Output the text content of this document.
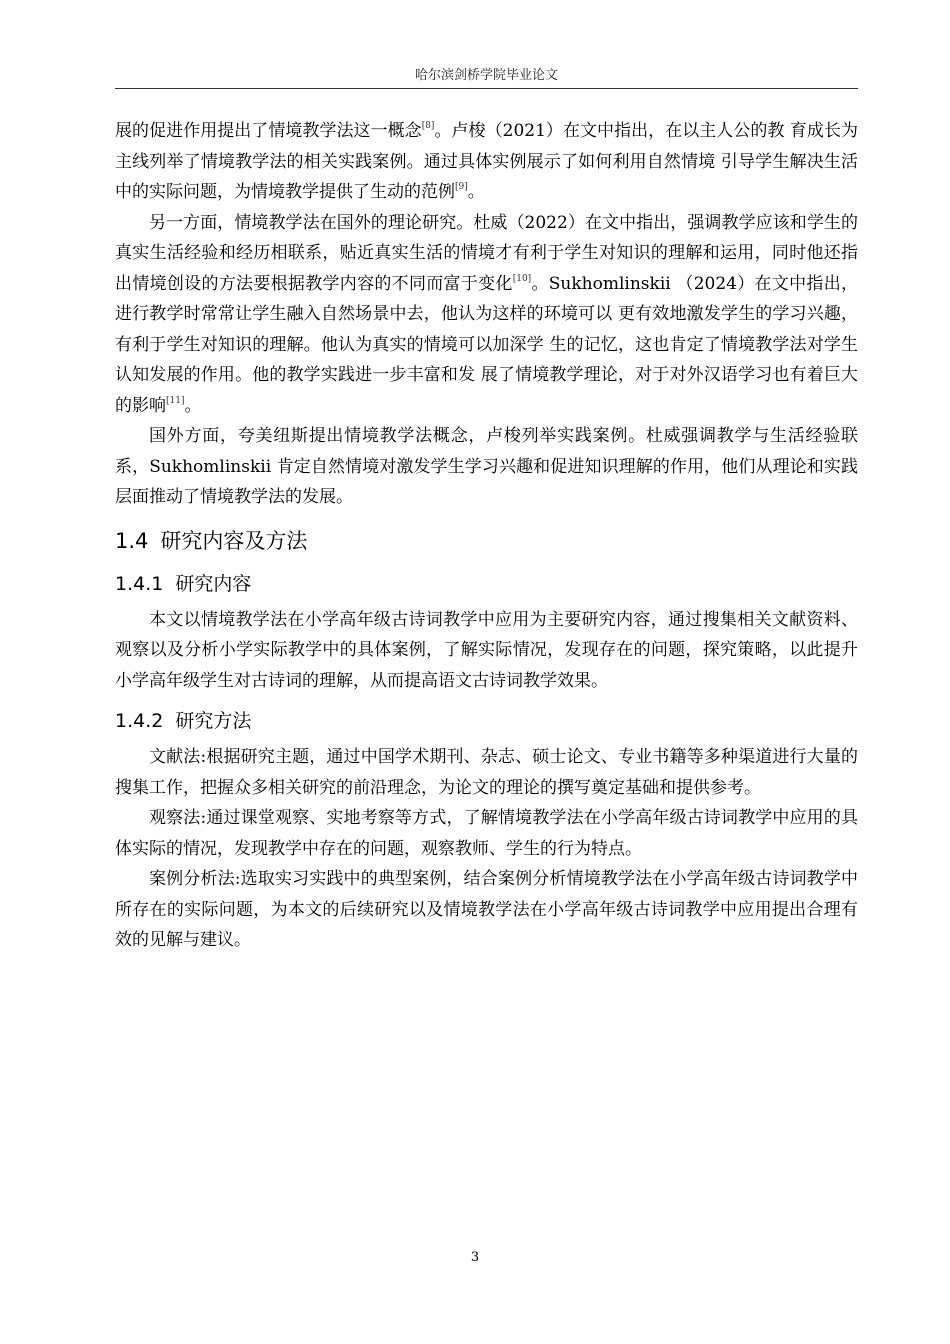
哈尔滨剑桥学院毕业论文

展的促进作用提出了情境教学法这一概念[8]。卢梭（2021）在文中指出，在以主人公的教 育成长为主线列举了情境教学法的相关实践案例。通过具体实例展示了如何利用自然情境 引导学生解决生活中的实际问题，为情境教学提供了生动的范例[9]。

另一方面，情境教学法在国外的理论研究。杜威（2022）在文中指出，强调教学应该和学生的真实生活经验和经历相联系，贴近真实生活的情境才有利于学生对知识的理解和运用，同时他还指出情境创设的方法要根据教学内容的不同而富于变化[10]。Sukhomlinskii （2024）在文中指出，进行教学时常常让学生融入自然场景中去，他认为这样的环境可以 更有效地激发学生的学习兴趣，有利于学生对知识的理解。他认为真实的情境可以加深学 生的记忆，这也肯定了情境教学法对学生认知发展的作用。他的教学实践进一步丰富和发 展了情境教学理论，对于对外汉语学习也有着巨大的影响[11]。

国外方面，夸美纽斯提出情境教学法概念，卢梭列举实践案例。杜威强调教学与生活经验联系，Sukhomlinskii 肯定自然情境对激发学生学习兴趣和促进知识理解的作用，他们从理论和实践层面推动了情境教学法的发展。

1.4 研究内容及方法
1.4.1 研究内容

本文以情境教学法在小学高年级古诗词教学中应用为主要研究内容，通过搜集相关文献资料、观察以及分析小学实际教学中的具体案例，了解实际情况，发现存在的问题，探究策略，以此提升小学高年级学生对古诗词的理解，从而提高语文古诗词教学效果。

1.4.2 研究方法

文献法:根据研究主题，通过中国学术期刊、杂志、硕士论文、专业书籍等多种渠道进行大量的搜集工作，把握众多相关研究的前沿理念，为论文的理论的撰写奠定基础和提供参考。

观察法:通过课堂观察、实地考察等方式，了解情境教学法在小学高年级古诗词教学中应用的具体实际的情况，发现教学中存在的问题，观察教师、学生的行为特点。

案例分析法:选取实习实践中的典型案例，结合案例分析情境教学法在小学高年级古诗词教学中所存在的实际问题，为本文的后续研究以及情境教学法在小学高年级古诗词教学中应用提出合理有效的见解与建议。

3
